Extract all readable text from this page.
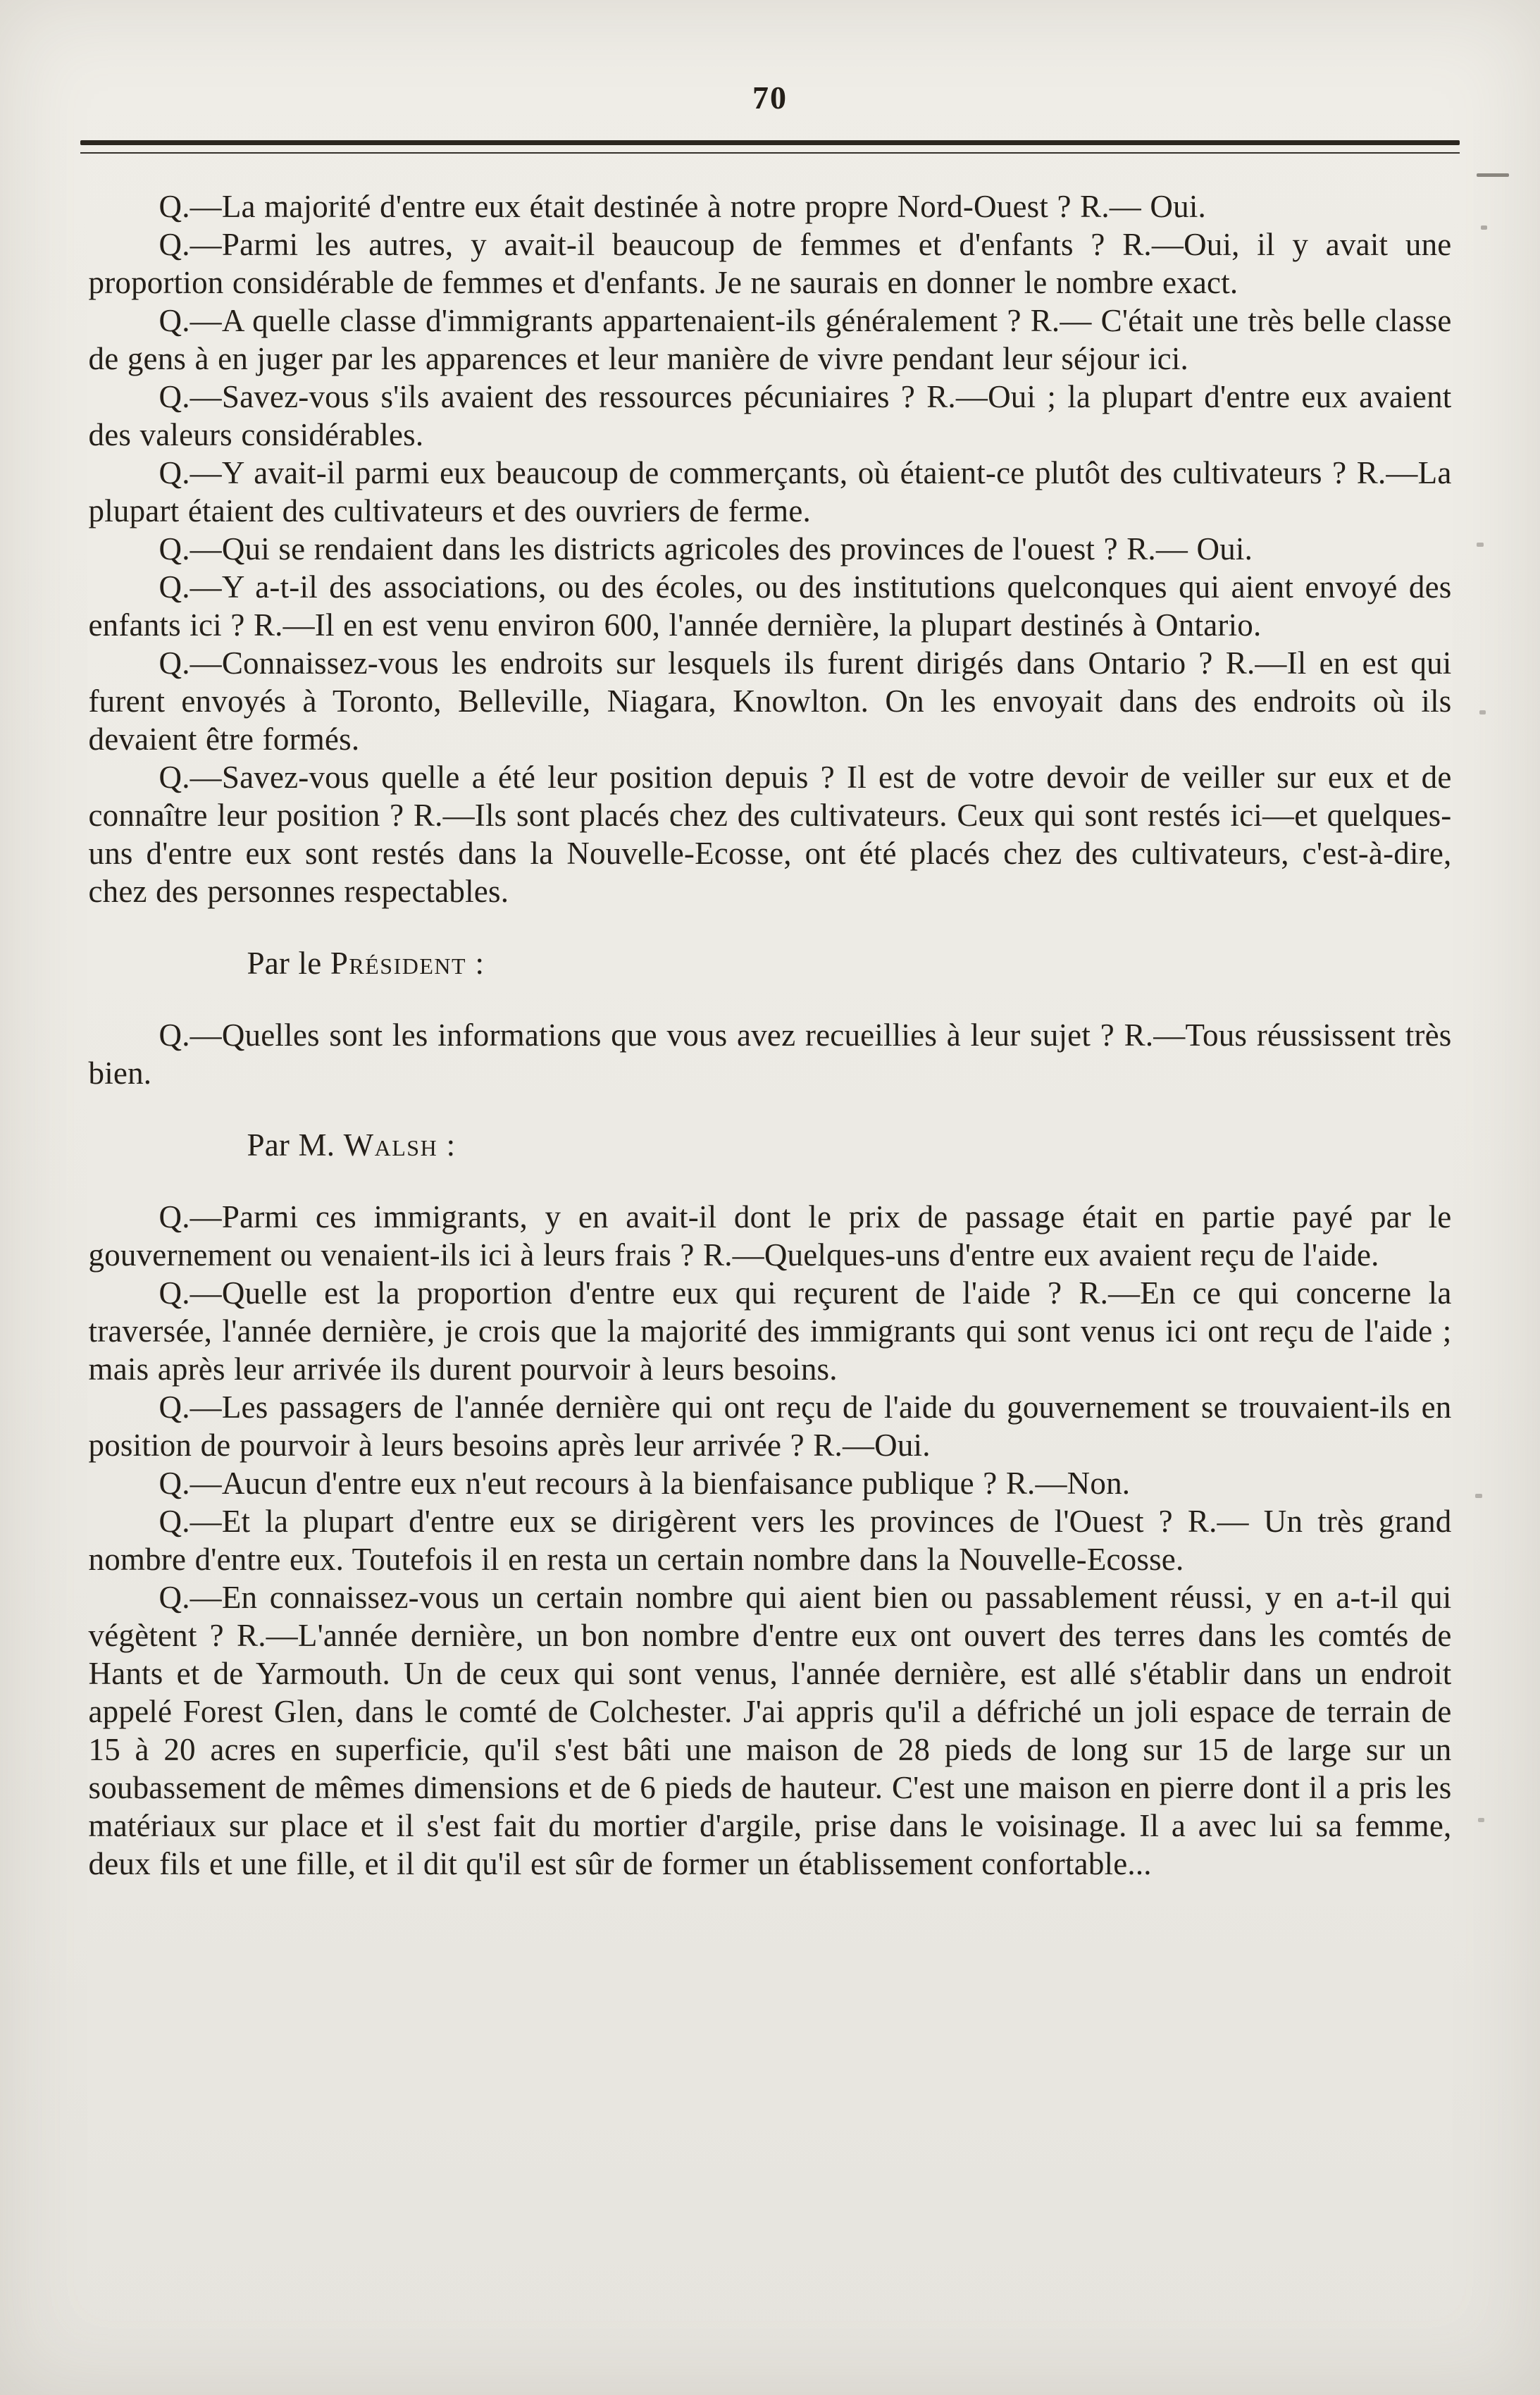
70

Q.—La majorité d'entre eux était destinée à notre propre Nord-Ouest ? R.— Oui.

Q.—Parmi les autres, y avait-il beaucoup de femmes et d'enfants ? R.—Oui, il y avait une proportion considérable de femmes et d'enfants. Je ne saurais en donner le nombre exact.

Q.—A quelle classe d'immigrants appartenaient-ils généralement ? R.— C'était une très belle classe de gens à en juger par les apparences et leur manière de vivre pendant leur séjour ici.

Q.—Savez-vous s'ils avaient des ressources pécuniaires ? R.—Oui ; la plupart d'entre eux avaient des valeurs considérables.

Q.—Y avait-il parmi eux beaucoup de commerçants, où étaient-ce plutôt des cultivateurs ? R.—La plupart étaient des cultivateurs et des ouvriers de ferme.

Q.—Qui se rendaient dans les districts agricoles des provinces de l'ouest ? R.— Oui.

Q.—Y a-t-il des associations, ou des écoles, ou des institutions quelconques qui aient envoyé des enfants ici ? R.—Il en est venu environ 600, l'année dernière, la plupart destinés à Ontario.

Q.—Connaissez-vous les endroits sur lesquels ils furent dirigés dans Ontario ? R.—Il en est qui furent envoyés à Toronto, Belleville, Niagara, Knowlton. On les envoyait dans des endroits où ils devaient être formés.

Q.—Savez-vous quelle a été leur position depuis ? Il est de votre devoir de veiller sur eux et de connaître leur position ? R.—Ils sont placés chez des cultivateurs. Ceux qui sont restés ici—et quelques-uns d'entre eux sont restés dans la Nouvelle-Ecosse, ont été placés chez des cultivateurs, c'est-à-dire, chez des personnes respectables.

Par le Président :

Q.—Quelles sont les informations que vous avez recueillies à leur sujet ? R.—Tous réussissent très bien.

Par M. Walsh :

Q.—Parmi ces immigrants, y en avait-il dont le prix de passage était en partie payé par le gouvernement ou venaient-ils ici à leurs frais ? R.—Quelques-uns d'entre eux avaient reçu de l'aide.

Q.—Quelle est la proportion d'entre eux qui reçurent de l'aide ? R.—En ce qui concerne la traversée, l'année dernière, je crois que la majorité des immigrants qui sont venus ici ont reçu de l'aide ; mais après leur arrivée ils durent pourvoir à leurs besoins.

Q.—Les passagers de l'année dernière qui ont reçu de l'aide du gouvernement se trouvaient-ils en position de pourvoir à leurs besoins après leur arrivée ? R.—Oui.

Q.—Aucun d'entre eux n'eut recours à la bienfaisance publique ? R.—Non.

Q.—Et la plupart d'entre eux se dirigèrent vers les provinces de l'Ouest ? R.— Un très grand nombre d'entre eux. Toutefois il en resta un certain nombre dans la Nouvelle-Ecosse.

Q.—En connaissez-vous un certain nombre qui aient bien ou passablement réussi, y en a-t-il qui végètent ? R.—L'année dernière, un bon nombre d'entre eux ont ouvert des terres dans les comtés de Hants et de Yarmouth. Un de ceux qui sont venus, l'année dernière, est allé s'établir dans un endroit appelé Forest Glen, dans le comté de Colchester. J'ai appris qu'il a défriché un joli espace de terrain de 15 à 20 acres en superficie, qu'il s'est bâti une maison de 28 pieds de long sur 15 de large sur un soubassement de mêmes dimensions et de 6 pieds de hauteur. C'est une maison en pierre dont il a pris les matériaux sur place et il s'est fait du mortier d'argile, prise dans le voisinage. Il a avec lui sa femme, deux fils et une fille, et il dit qu'il est sûr de former un établissement confortable...
